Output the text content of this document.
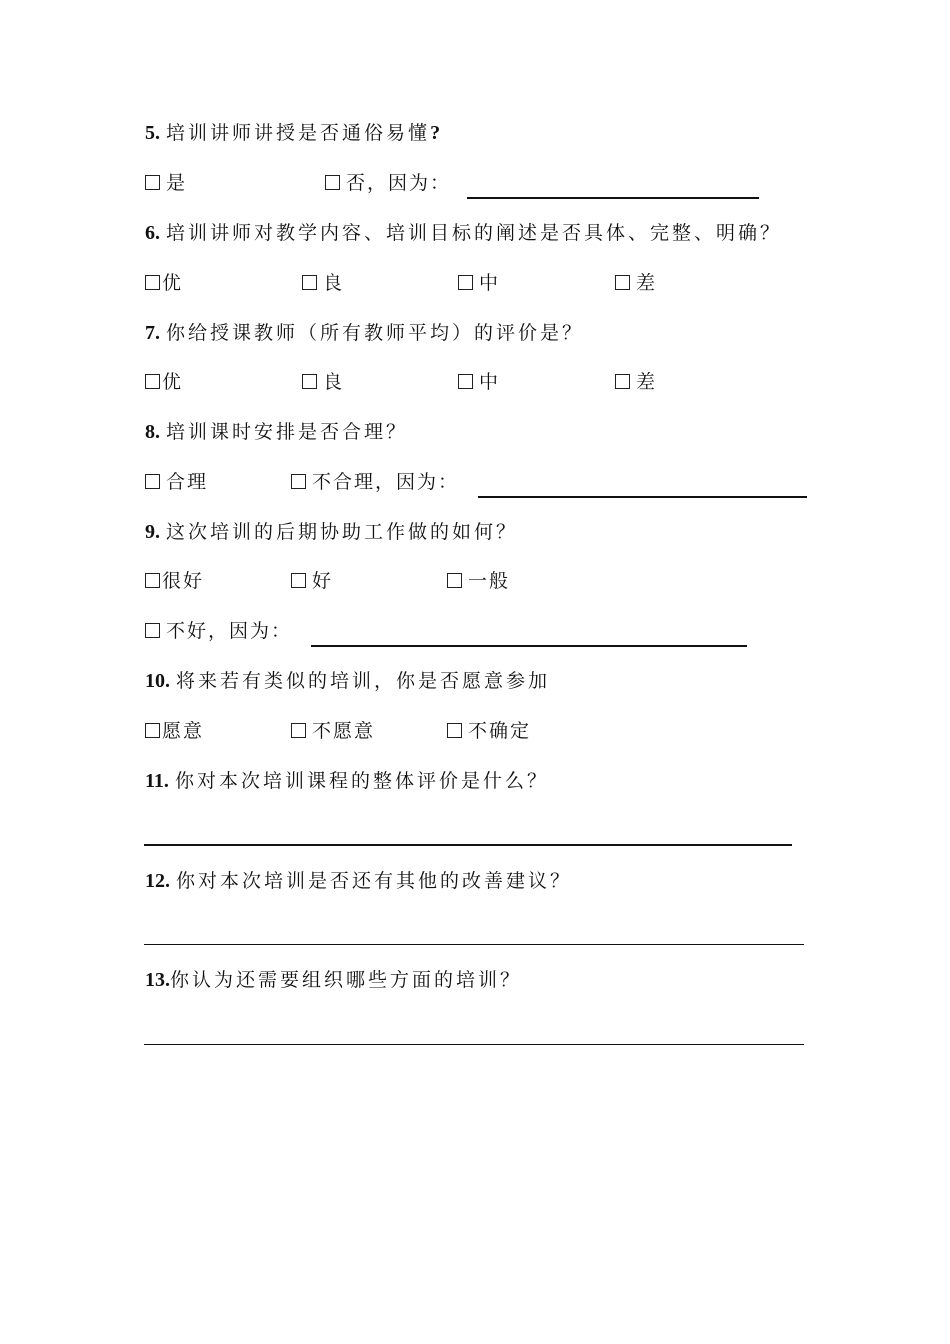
5. 培训讲师讲授是否通俗易懂?
是	否，因为：
6. 培训讲师对教学内容、培训目标的阐述是否具体、完整、明确？
优	良	中	差
7. 你给授课教师（所有教师平均）的评价是？
优	良	中	差
8. 培训课时安排是否合理？
合理	不合理，因为：
9. 这次培训的后期协助工作做的如何？
很好	好	一般
不好，因为：
10. 将来若有类似的培训，你是否愿意参加
愿意	不愿意	不确定
11. 你对本次培训课程的整体评价是什么？
12. 你对本次培训是否还有其他的改善建议？
13.你认为还需要组织哪些方面的培训？
